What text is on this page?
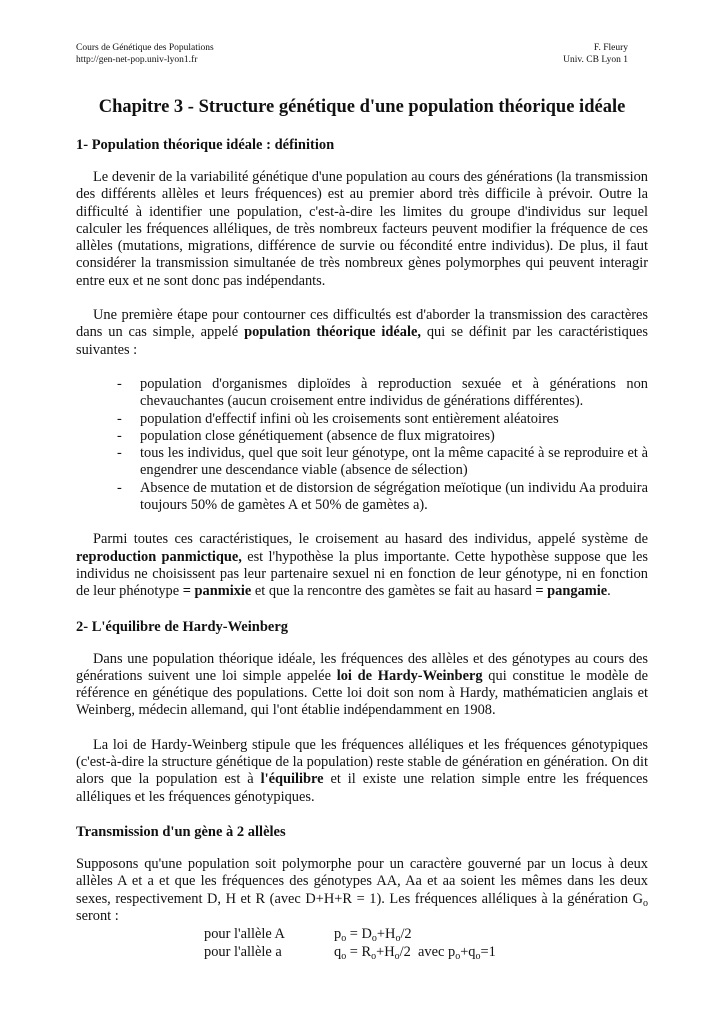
Cours de Génétique des Populations
http://gen-net-pop.univ-lyon1.fr
F. Fleury
Univ. CB Lyon 1
Chapitre 3 - Structure génétique d'une population théorique idéale
1- Population théorique idéale : définition

Le devenir de la variabilité génétique d'une population au cours des générations (la transmission des différents allèles et leurs fréquences) est au premier abord très difficile à prévoir. Outre la difficulté à identifier une population, c'est-à-dire les limites du groupe d'individus sur lequel calculer les fréquences alléliques, de très nombreux facteurs peuvent modifier la fréquence de ces allèles (mutations, migrations, différence de survie ou fécondité entre individus). De plus, il faut considérer la transmission simultanée de très nombreux gènes polymorphes qui peuvent interagir entre eux et ne sont donc pas indépendants.

Une première étape pour contourner ces difficultés est d'aborder la transmission des caractères dans un cas simple, appelé population théorique idéale, qui se définit par les caractéristiques suivantes :

- population d'organismes diploïdes à reproduction sexuée et à générations non chevauchantes (aucun croisement entre individus de générations différentes).
- population d'effectif infini où les croisements sont entièrement aléatoires
- population close génétiquement (absence de flux migratoires)
- tous les individus, quel que soit leur génotype, ont la même capacité à se reproduire et à engendrer une descendance viable (absence de sélection)
- Absence de mutation et de distorsion de ségrégation meïotique (un individu Aa produira toujours 50% de gamètes A et 50% de gamètes a).

Parmi toutes ces caractéristiques, le croisement au hasard des individus, appelé système de reproduction panmictique, est l'hypothèse la plus importante. Cette hypothèse suppose que les individus ne choisissent pas leur partenaire sexuel ni en fonction de leur génotype, ni en fonction de leur phénotype = panmixie et que la rencontre des gamètes se fait au hasard = pangamie.

2- L'équilibre de Hardy-Weinberg

Dans une population théorique idéale, les fréquences des allèles et des génotypes au cours des générations suivent une loi simple appelée loi de Hardy-Weinberg qui constitue le modèle de référence en génétique des populations. Cette loi doit son nom à Hardy, mathématicien anglais et Weinberg, médecin allemand, qui l'ont établie indépendamment en 1908.

La loi de Hardy-Weinberg stipule que les fréquences alléliques et les fréquences génotypiques (c'est-à-dire la structure génétique de la population) reste stable de génération en génération. On dit alors que la population est à l'équilibre et il existe une relation simple entre les fréquences alléliques et les fréquences génotypiques.

Transmission d'un gène à 2 allèles

Supposons qu'une population soit polymorphe pour un caractère gouverné par un locus à deux allèles A et a et que les fréquences des génotypes AA, Aa et aa soient les mêmes dans les deux sexes, respectivement D, H et R (avec D+H+R = 1). Les fréquences alléliques à la génération $G_o$ seront :

pour l'allèle A	$p_o = D_o+H_o/2$
pour l'allèle a	$q_o = R_o+H_o/2$  avec $p_o+q_o=1$
